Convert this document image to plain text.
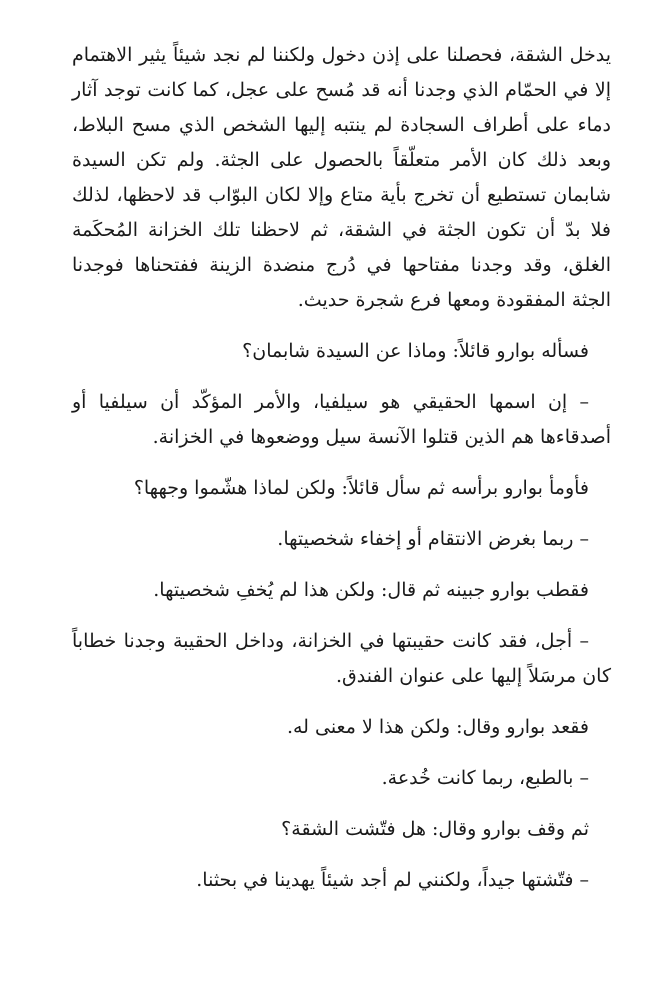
يدخل الشقة، فحصلنا على إذن دخول ولكننا لم نجد شيئاً يثير الاهتمام إلا في الحمّام الذي وجدنا أنه قد مُسح على عجل، كما كانت توجد آثار دماء على أطراف السجادة لم ينتبه إليها الشخص الذي مسح البلاط، وبعد ذلك كان الأمر متعلّقاً بالحصول على الجثة. ولم تكن السيدة شابمان تستطيع أن تخرج بأية متاع وإلا لكان البوّاب قد لاحظها، لذلك فلا بدّ أن تكون الجثة في الشقة، ثم لاحظنا تلك الخزانة المُحكَمة الغلق، وقد وجدنا مفتاحها في دُرج منضدة الزينة ففتحناها فوجدنا الجثة المفقودة ومعها فرع شجرة حديث.

فسأله بوارو قائلاً: وماذا عن السيدة شابمان؟

– إن اسمها الحقيقي هو سيلفيا، والأمر المؤكّد أن سيلفيا أو أصدقاءها هم الذين قتلوا الآنسة سيل ووضعوها في الخزانة.

فأومأ بوارو برأسه ثم سأل قائلاً: ولكن لماذا هشّموا وجهها؟

– ربما بغرض الانتقام أو إخفاء شخصيتها.

فقطب بوارو جبينه ثم قال: ولكن هذا لم يُخفِ شخصيتها.

– أجل، فقد كانت حقيبتها في الخزانة، وداخل الحقيبة وجدنا خطاباً كان مرسَلاً إليها على عنوان الفندق.

فقعد بوارو وقال: ولكن هذا لا معنى له.

– بالطبع، ربما كانت خُدعة.

ثم وقف بوارو وقال: هل فتّشت الشقة؟

– فتّشتها جيداً، ولكنني لم أجد شيئاً يهدينا في بحثنا.
